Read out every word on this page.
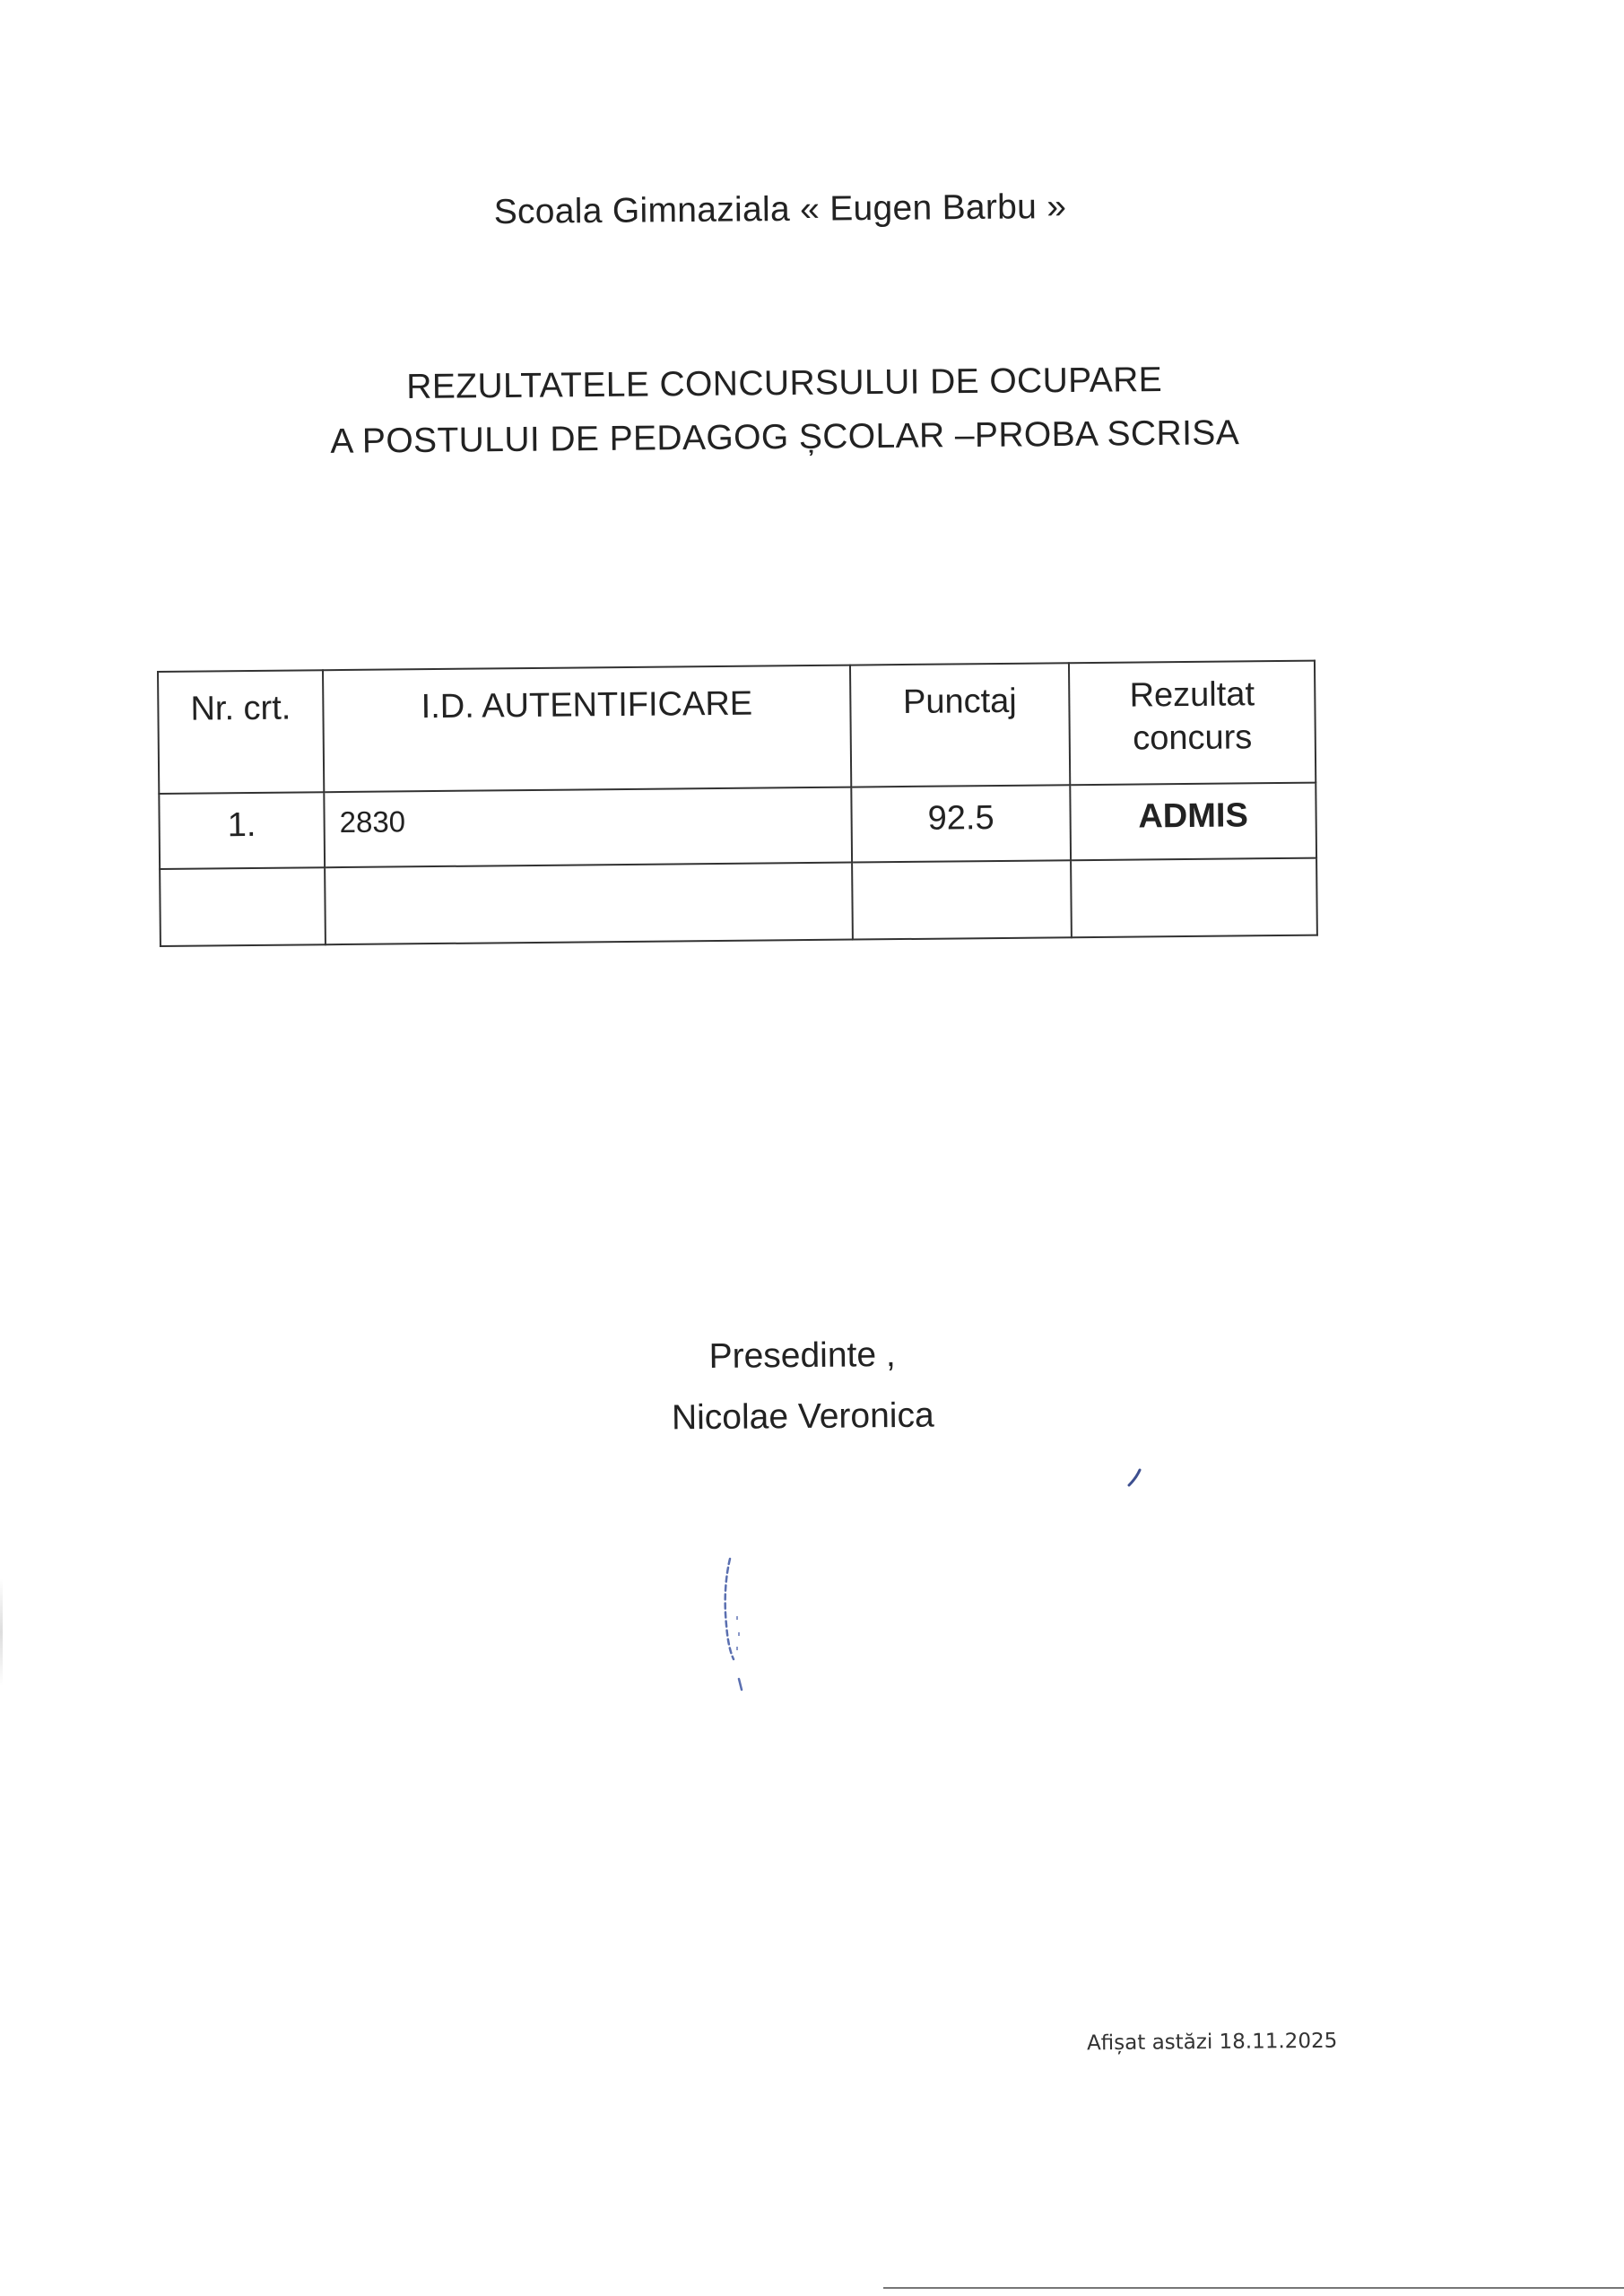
Scoala Gimnaziala « Eugen Barbu »
REZULTATELE CONCURSULUI DE OCUPARE
A POSTULUI DE PEDAGOG ȘCOLAR –PROBA SCRISA
Nr. crt.	I.D. AUTENTIFICARE	Punctaj	Rezultat
concurs

1.	2830	92.5	ADMIS

Presedinte ,
Nicolae Veronica
Afișat astăzi 18.11.2025
